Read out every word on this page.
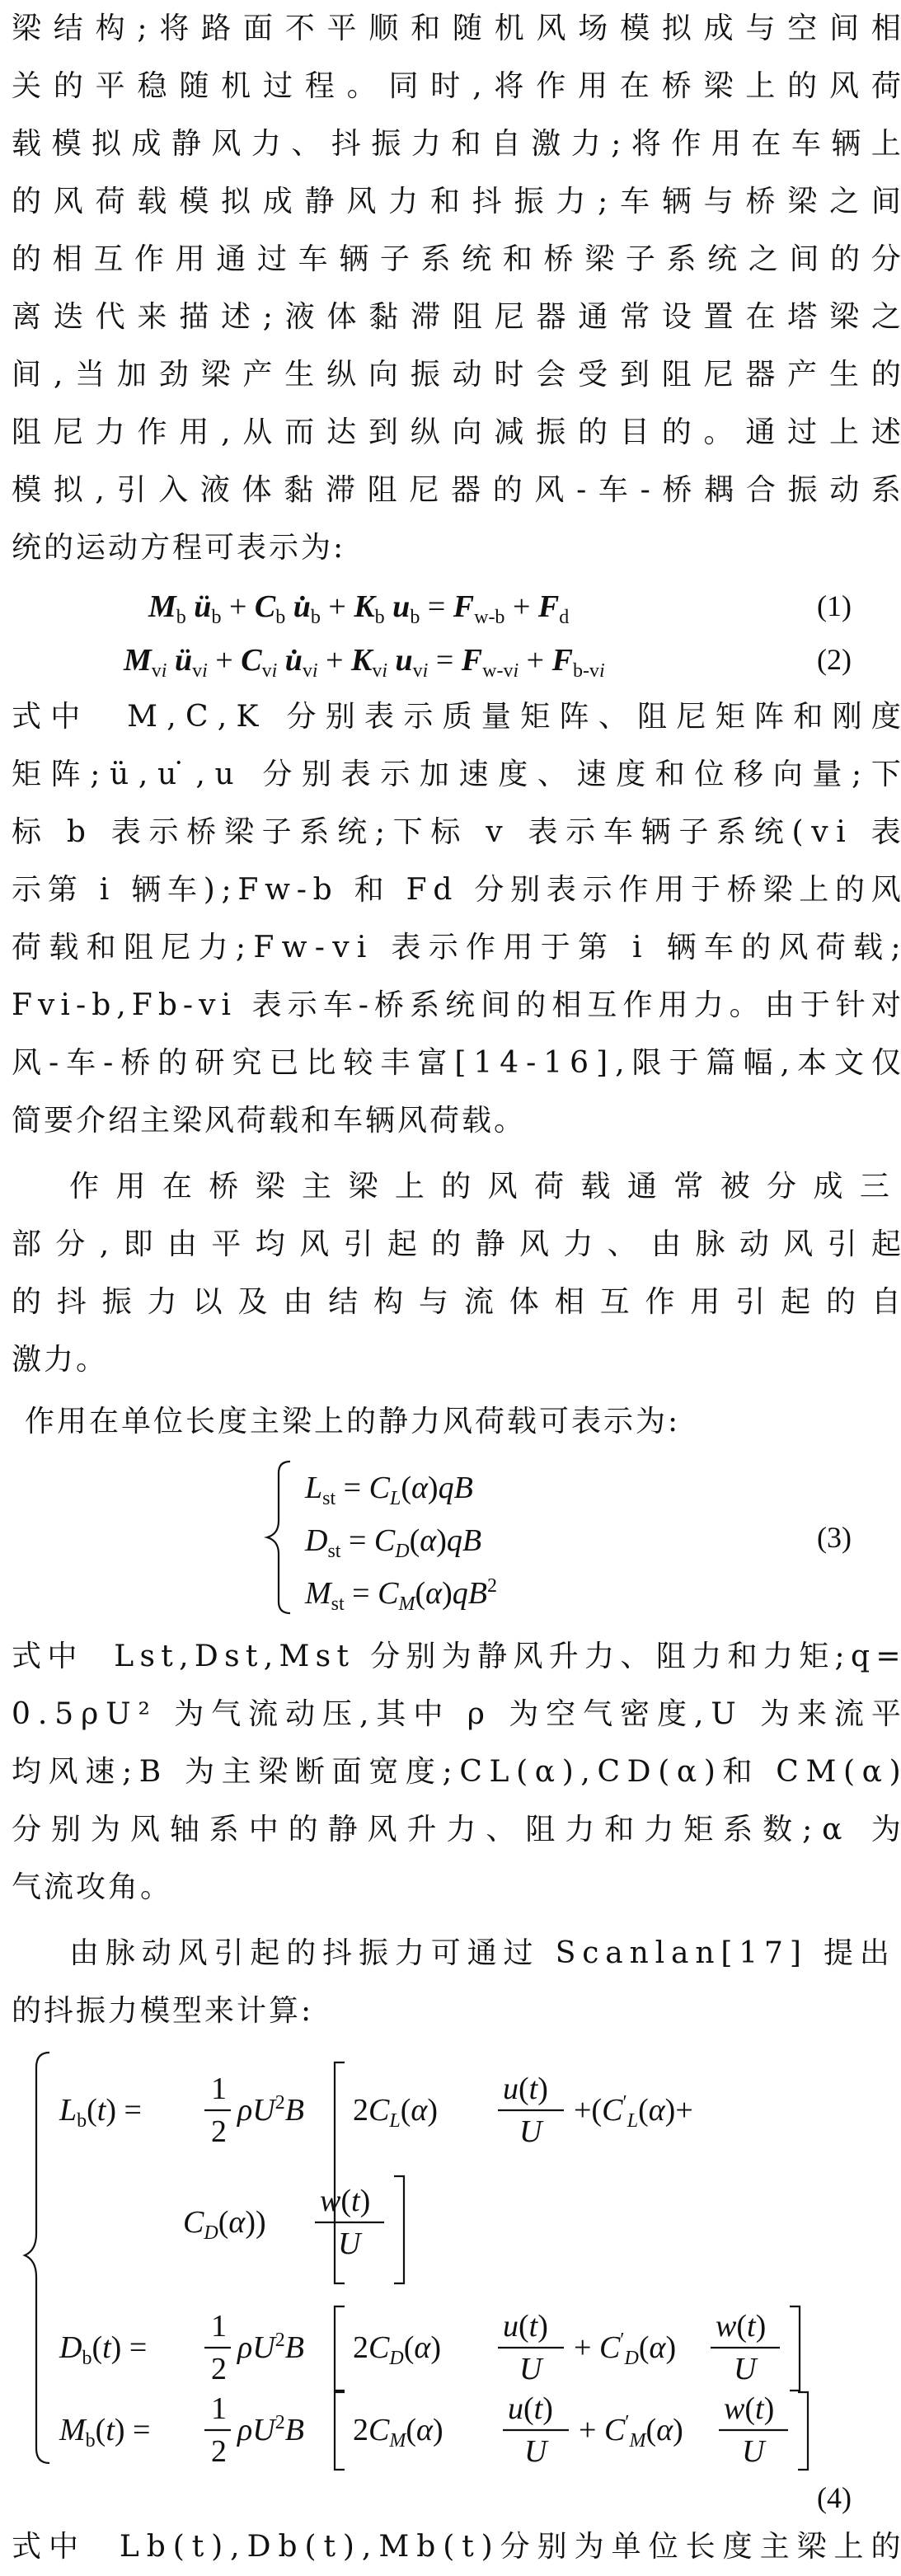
梁 结 构 ; 将 路 面 不 平 顺 和 随 机 风 场 模 拟 成 与 空 间 相
关 的 平 稳 随 机 过 程 。 同 时 , 将 作 用 在 桥 梁 上 的 风 荷
载 模 拟 成 静 风 力 、 抖 振 力 和 自 激 力 ; 将 作 用 在 车 辆 上
的 风 荷 载 模 拟 成 静 风 力 和 抖 振 力 ; 车 辆 与 桥 梁 之 间
的 相 互 作 用 通 过 车 辆 子 系 统 和 桥 梁 子 系 统 之 间 的 分
离 迭 代 来 描 述 ; 液 体 黏 滞 阻 尼 器 通 常 设 置 在 塔 梁 之
间 , 当 加 劲 梁 产 生 纵 向 振 动 时 会 受 到 阻 尼 器 产 生 的
阻 尼 力 作 用 , 从 而 达 到 纵 向 减 振 的 目 的 。 通 过 上 述
模 拟 , 引 入 液 体 黏 滞 阻 尼 器 的 风 - 车 - 桥 耦 合 振 动 系
统的运动方程可表示为:
$M_b$ $ü_b + C_b$ $u̇_b + K_b$ $u_b = F_{w-b} + F_d$	(1)
$M_{vi}$ $ü_{vi} + C_{vi}$ $u̇_{vi} + K_{vi}$ $u_{vi} = F_{w-vi} + F_{b-vi}$	(2)
式 中

M , C , K
分 别 表 示 质 量 矩 阵 、 阻 尼 矩 阵 和 刚 度
矩 阵 ; ü , u , u
分 别 表 示 加 速 度 、 速 度 和 位 移 向 量 ; 下
标
b
表 示 桥 梁 子 系 统 ; 下 标
v
表 示 车 辆 子 系 统 ( v i
表
示 第
i
辆 车 ) ; F w - b
和
F d
分 别 表 示 作 用 于 桥 梁 上 的 风
荷 载 和 阻 尼 力 ; F w - v i
表 示 作 用 于 第
i
辆 车 的 风 荷 载 ;
F v i - b , F b - v i
表 示 车 - 桥 系 统 间 的 相 互 作 用 力 。 由 于 针 对
风 - 车 - 桥 的 研 究 已 比 较 丰 富 [ 1 4 - 1 6 ] , 限 于 篇 幅 , 本 文 仅
简要介绍主梁风荷载和车辆风荷载。
作 用 在 桥 梁 主 梁 上 的 风 荷 载 通 常 被 分 成 三
部 分 , 即 由 平 均 风 引 起 的 静 风 力 、 由 脉 动 风 引 起
的 抖 振 力 以 及 由 结 构 与 流 体 相 互 作 用 引 起 的 自
激力。
作用在单位长度主梁上的静力风荷载可表示为:
$L_{st} = C_L(\alpha)qB$
$D_{st} = C_D(\alpha)qB$
$M_{st} = C_M(\alpha)qB^2$
(3)
式 中

L s t , D s t , M s t
分 别 为 静 风 升 力 、 阻 力 和 力 矩 ; q =
0 . 5 ρ U ²
为 气 流 动 压 , 其 中
ρ
为 空 气 密 度 , U
为 来 流 平
均 风 速 ; B
为 主 梁 断 面 宽 度 ; C L ( α ) , C D ( α ) 和
C M ( α )
分 别 为 风 轴 系 中 的 静 风 升 力 、 阻 力 和 力 矩 系 数 ; α
为
气流攻角。
由 脉 动 风 引 起 的 抖 振 力 可 通 过
S c a n l a n [ 1 7 ]
提 出
的抖振力模型来计算:
$L_b(t)$ =
1
2
$\rho U^2B$ $2C_L(\alpha)$
u(t)
U
$+(C'_L(\alpha)+$
$C_D(\alpha)$)
w(t)
U
$D_b(t)$ =
1
2
$\rho U^2B$ $2C_D(\alpha)$
u(t)
U
+ $C'_D(\alpha)$
w(t)
U
$M_b(t)$ =
1
2
$\rho U^2B$ $2C_M(\alpha)$
u(t)
U
+ $C'_M(\alpha)$
w(t)
U
(4)
式 中

L b ( t ) , D b ( t ) , M b ( t ) 分 别 为 单 位 长 度 主 梁 上 的
